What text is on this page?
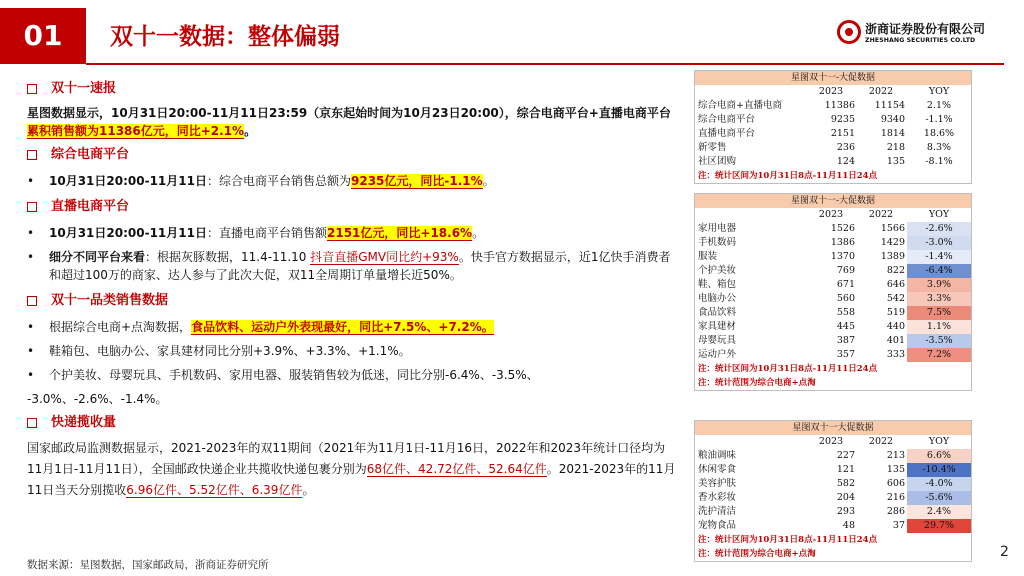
01	双十一数据：整体偏弱	浙商证券股份有限公司
ZHESHANG SECURITIES CO.LTD
双十一速报
星图数据显示，10月31日20:00-11月11日23:59（京东起始时间为10月23日20:00），综合电商平台+直播电商平台累积销售额为11386亿元，同比+2.1%。
综合电商平台
•	10月31日20:00-11月11日：综合电商平台销售总额为9235亿元，同比-1.1%。
直播电商平台
•	10月31日20:00-11月11日：直播电商平台销售额2151亿元，同比+18.6%。
•	细分不同平台来看：根据灰豚数据，11.4-11.10 抖音直播GMV同比约+93%。快手官方数据显示，近1亿快手消费者和超过100万的商家、达人参与了此次大促，双11全周期订单量增长近50%。
双十一品类销售数据
•	根据综合电商+点淘数据，食品饮料、运动户外表现最好，同比+7.5%、+7.2%。
•	鞋箱包、电脑办公、家具建材同比分别+3.9%、+3.3%、+1.1%。
•	个护美妆、母婴玩具、手机数码、家用电器、服装销售较为低迷，同比分别-6.4%、-3.5%、
-3.0%、-2.6%、-1.4%。
快递揽收量
国家邮政局监测数据显示，2021-2023年的双11期间（2021年为11月1日-11月16日，2022年和2023年统计口径均为11月1日-11月11日），全国邮政快递企业共揽收快递包裹分别为68亿件、42.72亿件、52.64亿件。2021-2023年的11月11日当天分别揽收6.96亿件、5.52亿件、6.39亿件。
数据来源：星图数据，国家邮政局，浙商证券研究所
2
星图双十一-大促数据
2023	2022	YOY
综合电商+直播电商	11386	11154	2.1%
综合电商平台	9235	9340	-1.1%
直播电商平台	2151	1814	18.6%
新零售	236	218	8.3%
社区团购	124	135	-8.1%
注：统计区间为10月31日8点-11月11日24点
星图双十一-大促数据
2023	2022	YOY
家用电器	1526	1566	-2.6%
手机数码	1386	1429	-3.0%
服装	1370	1389	-1.4%
个护美妆	769	822	-6.4%
鞋、箱包	671	646	3.9%
电脑办公	560	542	3.3%
食品饮料	558	519	7.5%
家具建材	445	440	1.1%
母婴玩具	387	401	-3.5%
运动户外	357	333	7.2%
注：统计区间为10月31日8点-11月11日24点
注：统计范围为综合电商+点淘
星图双十一大促数据
2023	2022	YOY
粮油调味	227	213	6.6%
休闲零食	121	135	-10.4%
美容护肤	582	606	-4.0%
香水彩妆	204	216	-5.6%
洗护清洁	293	286	2.4%
宠物食品	48	37	29.7%
注：统计区间为10月31日8点-11月11日24点
注：统计范围为综合电商+点淘
